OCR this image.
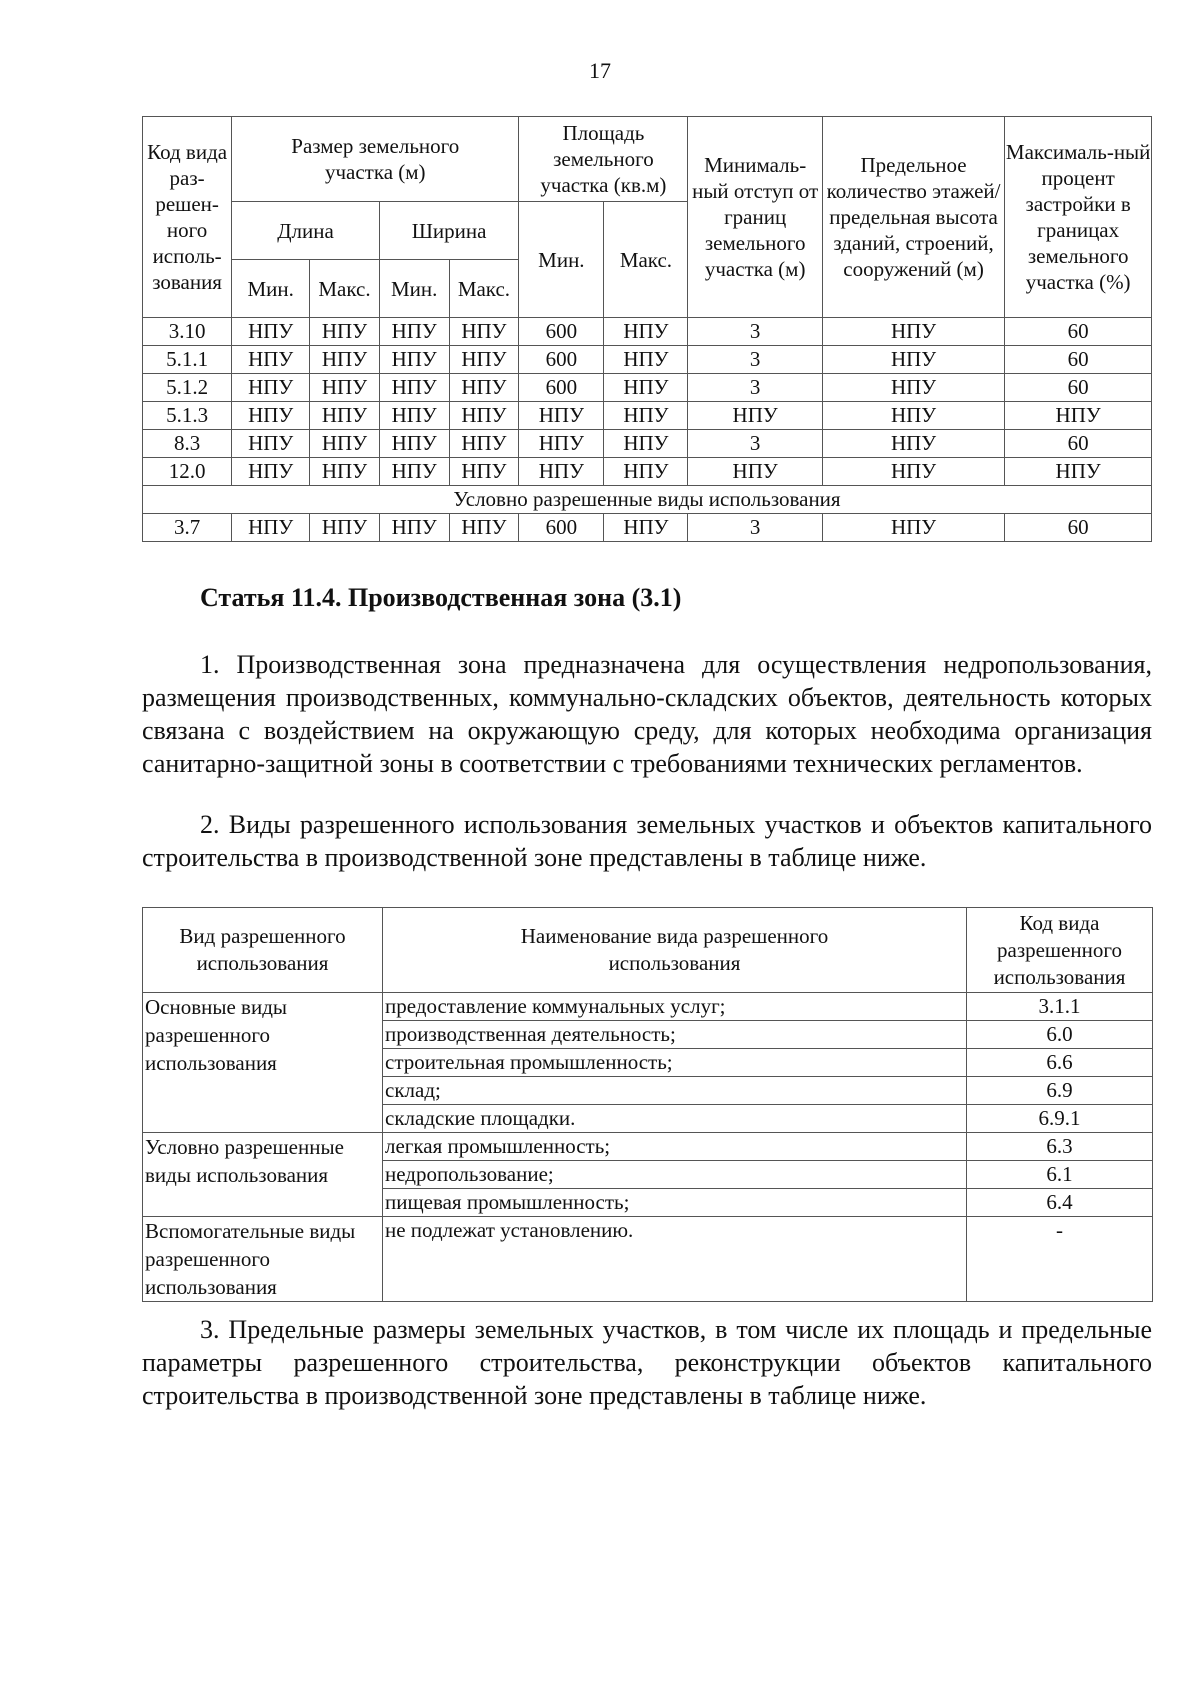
17
Код вида раз-решен-ного исполь-зования	Размер земельного участка (м)				Площадь земельного участка (кв.м)		Минималь-ный отступ от границ земельного участка (м)	Предельное количество этажей/ предельная высота зданий, строений, сооружений (м)	Максималь-ный процент застройки в границах земельного участка (%)
	Длина		Ширина		Мин.	Макс.			
	Мин.	Макс.	Мин.	Макс.					
3.10	НПУ	НПУ	НПУ	НПУ	600	НПУ	3	НПУ	60
5.1.1	НПУ	НПУ	НПУ	НПУ	600	НПУ	3	НПУ	60
5.1.2	НПУ	НПУ	НПУ	НПУ	600	НПУ	3	НПУ	60
5.1.3	НПУ	НПУ	НПУ	НПУ	НПУ	НПУ	НПУ	НПУ	НПУ
8.3	НПУ	НПУ	НПУ	НПУ	НПУ	НПУ	3	НПУ	60
12.0	НПУ	НПУ	НПУ	НПУ	НПУ	НПУ	НПУ	НПУ	НПУ
Условно разрешенные виды использования									
3.7	НПУ	НПУ	НПУ	НПУ	600	НПУ	3	НПУ	60
Статья 11.4. Производственная зона (3.1)

1. Производственная зона предназначена для осуществления недропользования, размещения производственных, коммунально-складских объектов, деятельность которых связана с воздействием на окружающую среду, для которых необходима организация санитарно-защитной зоны в соответствии с требованиями технических регламентов.

2. Виды разрешенного использования земельных участков и объектов капитального строительства в производственной зоне представлены в таблице ниже.

Вид разрешенного использования	Наименование вида разрешенного использования	Код вида разрешенного использования
Основные виды разрешенного использования	предоставление коммунальных услуг;	3.1.1
	производственная деятельность;	6.0
	строительная промышленность;	6.6
	склад;	6.9
	складские площадки.	6.9.1
Условно разрешенные виды использования	легкая промышленность;	6.3
	недропользование;	6.1
	пищевая промышленность;	6.4
Вспомогательные виды разрешенного использования	не подлежат установлению.	-

3. Предельные размеры земельных участков, в том числе их площадь и предельные параметры разрешенного строительства, реконструкции объектов капитального строительства в производственной зоне представлены в таблице ниже.
